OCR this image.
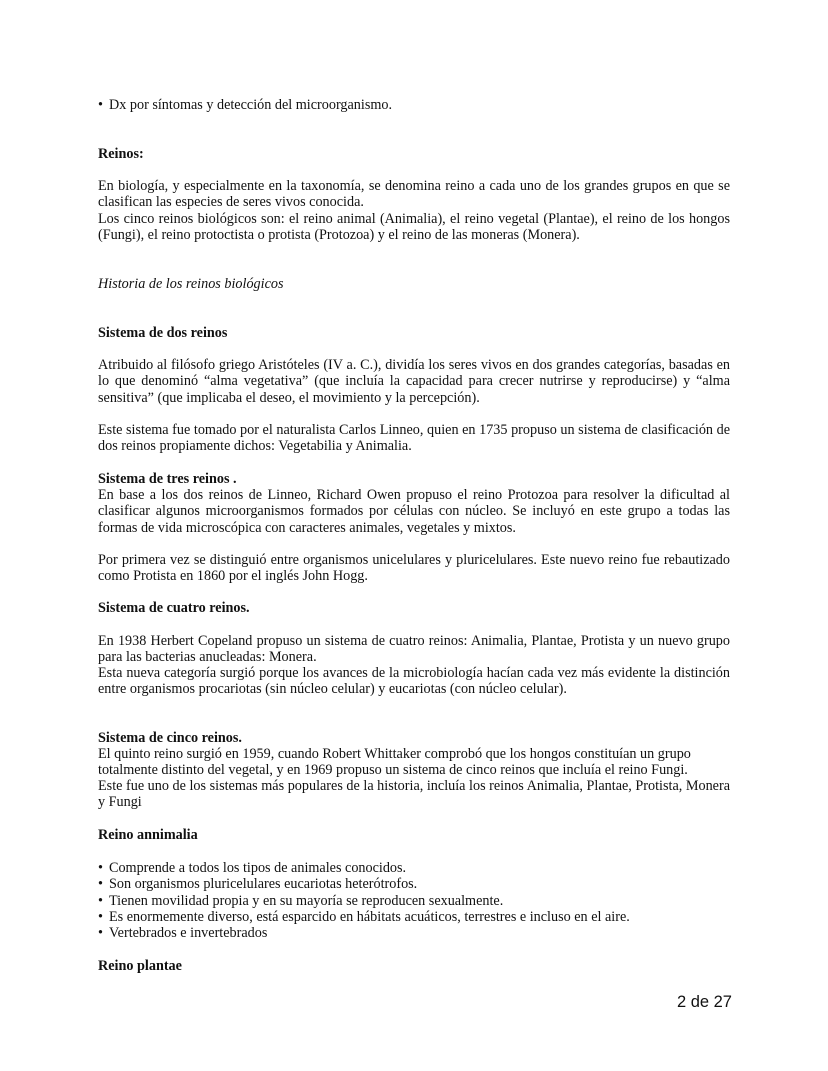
• Dx por síntomas y detección del microorganismo.

Reinos:

En biología, y especialmente en la taxonomía, se denomina reino a cada uno de los grandes grupos en que se clasifican las especies de seres vivos conocida.

Los cinco reinos biológicos son: el reino animal (Animalia), el reino vegetal (Plantae), el reino de los hongos (Fungi), el reino protoctista o protista (Protozoa) y el reino de las moneras (Monera).

Historia de los reinos biológicos

Sistema de dos reinos

Atribuido al filósofo griego Aristóteles (IV a. C.), dividía los seres vivos en dos grandes categorías, basadas en lo que denominó “alma vegetativa” (que incluía la capacidad para crecer nutrirse y reproducirse) y “alma sensitiva” (que implicaba el deseo, el movimiento y la percepción).

Este sistema fue tomado por el naturalista Carlos Linneo, quien en 1735 propuso un sistema de clasificación de dos reinos propiamente dichos: Vegetabilia y Animalia.

Sistema de tres reinos .

En base a los dos reinos de Linneo, Richard Owen propuso el reino Protozoa para resolver la dificultad al clasificar algunos microorganismos formados por células con núcleo. Se incluyó en este grupo a todas las formas de vida microscópica con caracteres animales, vegetales y mixtos.

Por primera vez se distinguió entre organismos unicelulares y pluricelulares. Este nuevo reino fue rebautizado como Protista en 1860 por el inglés John Hogg.

Sistema de cuatro reinos.

En 1938 Herbert Copeland propuso un sistema de cuatro reinos: Animalia, Plantae, Protista y un nuevo grupo para las bacterias anucleadas: Monera.

Esta nueva categoría surgió porque los avances de la microbiología hacían cada vez más evidente la distinción entre organismos procariotas (sin núcleo celular) y eucariotas (con núcleo celular).

Sistema de cinco reinos.

El quinto reino surgió en 1959, cuando Robert Whittaker comprobó que los hongos constituían un grupo

totalmente distinto del vegetal, y en 1969 propuso un sistema de cinco reinos que incluía el reino Fungi.

Este fue uno de los sistemas más populares de la historia, incluía los reinos Animalia, Plantae, Protista, Monera y Fungi

Reino annimalia

• Comprende a todos los tipos de animales conocidos.
• Son organismos pluricelulares eucariotas heterótrofos.
• Tienen movilidad propia y en su mayoría se reproducen sexualmente.
• Es enormemente diverso, está esparcido en hábitats acuáticos, terrestres e incluso en el aire.
• Vertebrados e invertebrados

Reino plantae

2 de 27
